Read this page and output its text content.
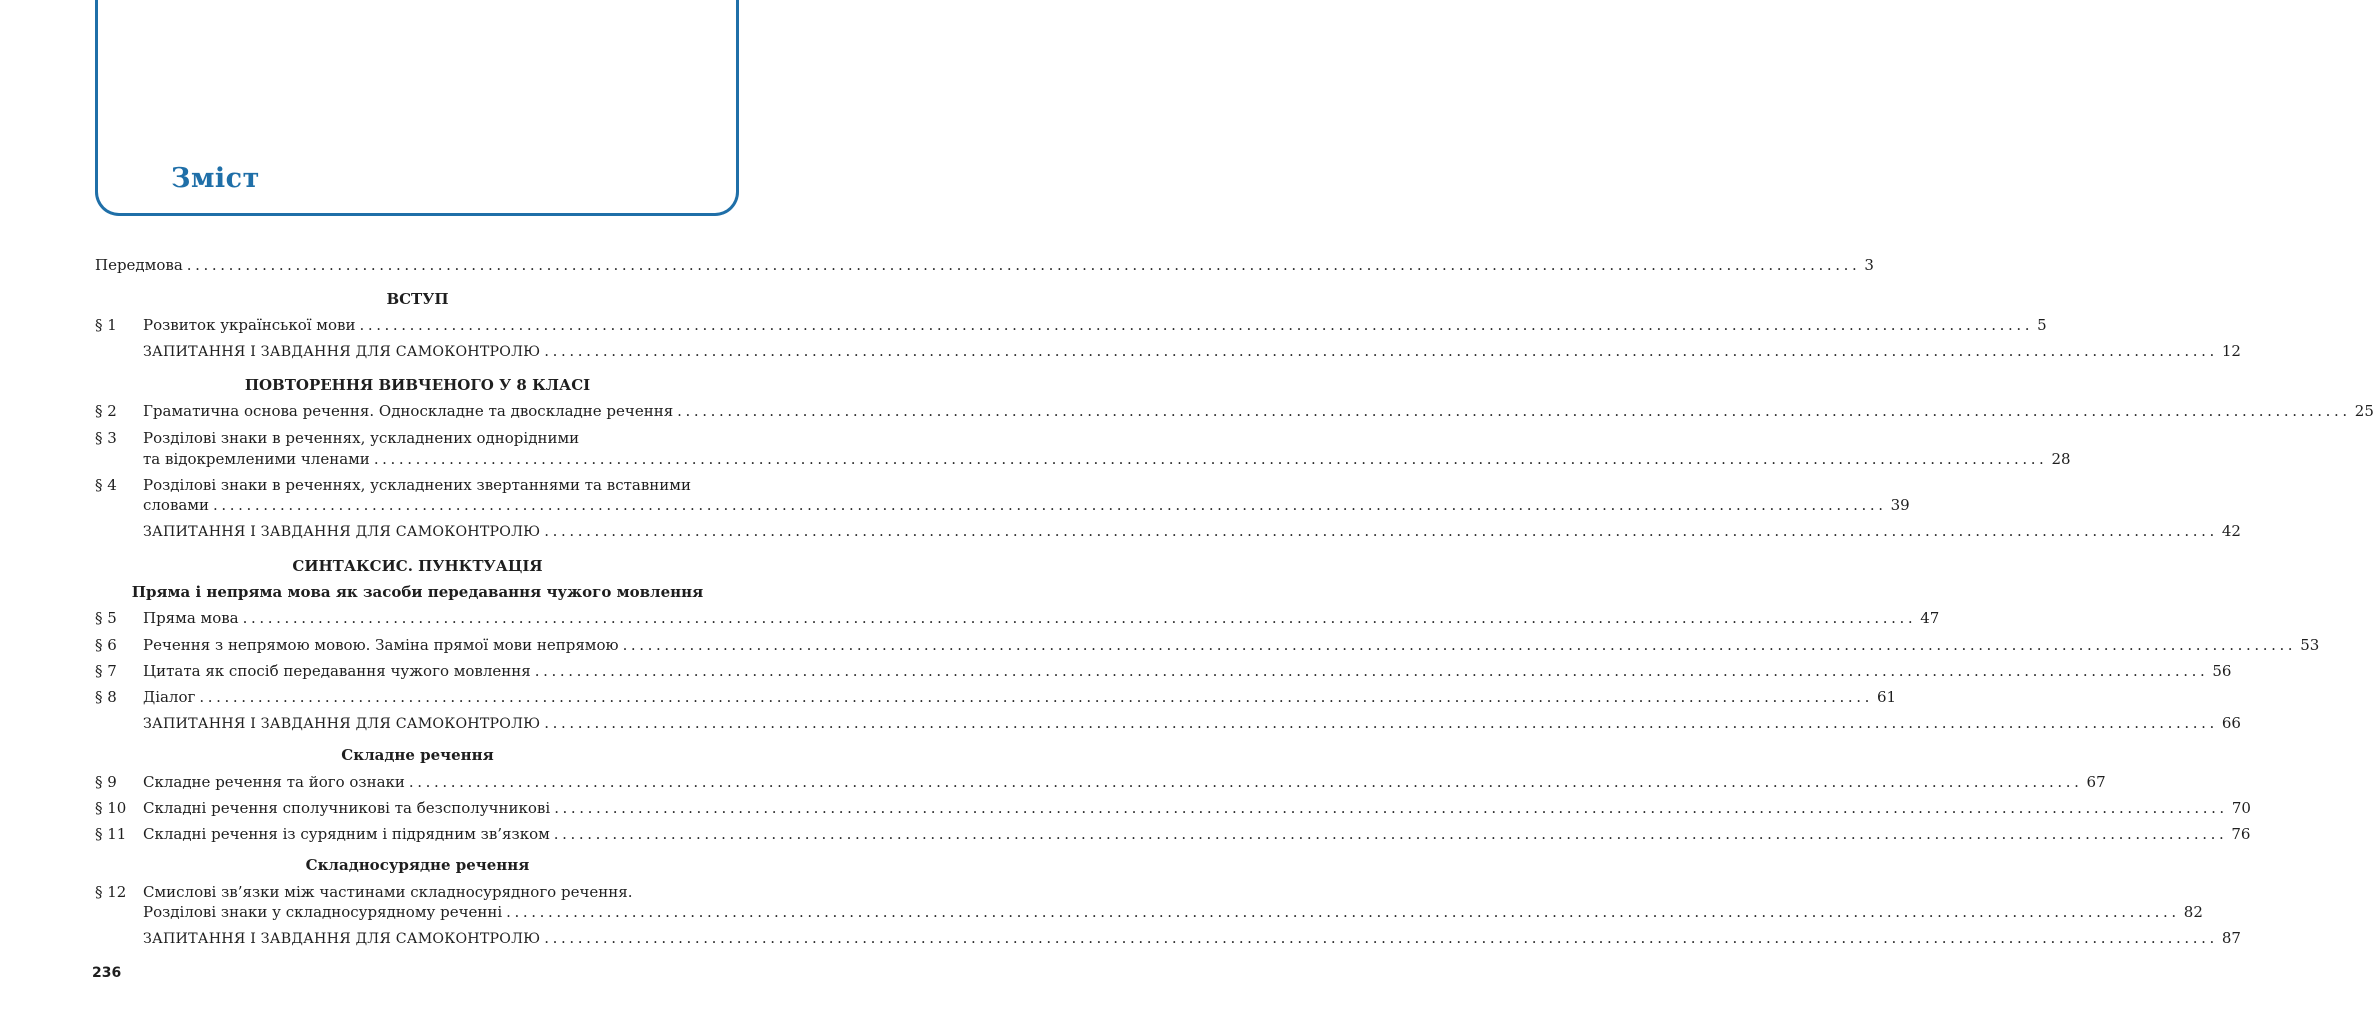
Зміст
Передмова ........................................................................................................................................................................................................ 3
ВСТУП
§ 1 Розвиток української мови ........................................................................................................................................................................................................ 5
ЗАПИТАННЯ І ЗАВДАННЯ ДЛЯ САМОКОНТРОЛЮ ........................................................................................................................................................................................................ 12
ПОВТОРЕННЯ ВИВЧЕНОГО У 8 КЛАСІ
§ 2 Граматична основа речення. Односкладне та двоскладне речення ........................................................................................................................................................................................................ 25
§ 3 Розділові знаки в реченнях, ускладнених однорідними
та відокремленими членами ........................................................................................................................................................................................................ 28
§ 4 Розділові знаки в реченнях, ускладнених звертаннями та вставними
словами ........................................................................................................................................................................................................ 39
ЗАПИТАННЯ І ЗАВДАННЯ ДЛЯ САМОКОНТРОЛЮ ........................................................................................................................................................................................................ 42
СИНТАКСИС. ПУНКТУАЦІЯ
Пряма і непряма мова як засоби передавання чужого мовлення
§ 5 Пряма мова ........................................................................................................................................................................................................ 47
§ 6 Речення з непрямою мовою. Заміна прямої мови непрямою ........................................................................................................................................................................................................ 53
§ 7 Цитата як спосіб передавання чужого мовлення ........................................................................................................................................................................................................ 56
§ 8 Діалог ........................................................................................................................................................................................................ 61
ЗАПИТАННЯ І ЗАВДАННЯ ДЛЯ САМОКОНТРОЛЮ ........................................................................................................................................................................................................ 66
Складне речення
§ 9 Складне речення та його ознаки ........................................................................................................................................................................................................ 67
§ 10 Складні речення сполучникові та безсполучникові ........................................................................................................................................................................................................ 70
§ 11 Складні речення із сурядним і підрядним зв’язком ........................................................................................................................................................................................................ 76
Складносурядне речення
§ 12 Смислові зв’язки між частинами складносурядного речення.
Розділові знаки у складносурядному реченні ........................................................................................................................................................................................................ 82
ЗАПИТАННЯ І ЗАВДАННЯ ДЛЯ САМОКОНТРОЛЮ ........................................................................................................................................................................................................ 87
236
